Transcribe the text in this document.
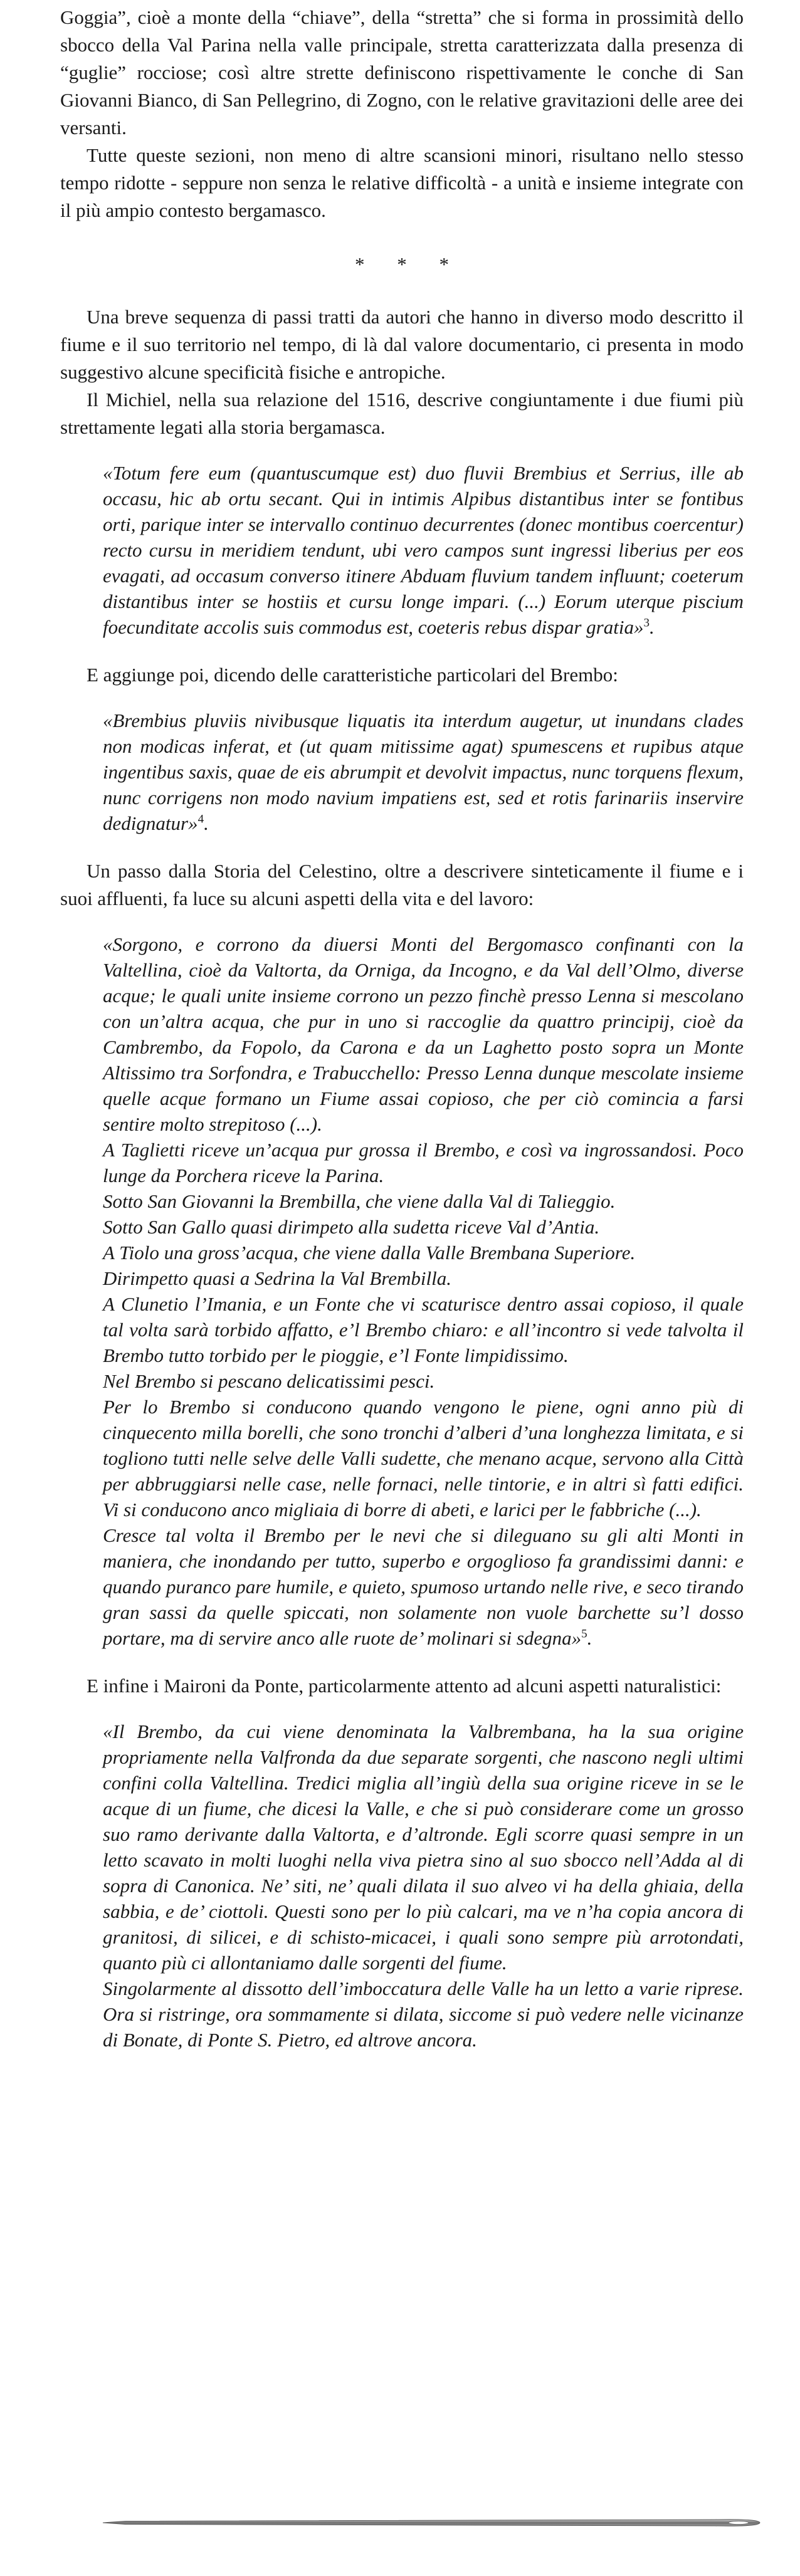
Goggia”, cioè a monte della “chiave”, della “stretta” che si forma in prossimità dello sbocco della Val Parina nella valle principale, stretta caratterizzata dalla presenza di “guglie” rocciose; così altre strette definiscono rispettivamente le conche di San Giovanni Bianco, di San Pellegrino, di Zogno, con le relative gravitazioni delle aree dei versanti.

Tutte queste sezioni, non meno di altre scansioni minori, risultano nello stesso tempo ridotte - seppure non senza le relative difficoltà - a unità e insieme integrate con il più ampio contesto bergamasco.

* * *

Una breve sequenza di passi tratti da autori che hanno in diverso modo descritto il fiume e il suo territorio nel tempo, di là dal valore documentario, ci presenta in modo suggestivo alcune specificità fisiche e antropiche.

Il Michiel, nella sua relazione del 1516, descrive congiuntamente i due fiumi più strettamente legati alla storia bergamasca.

«Totum fere eum (quantuscumque est) duo fluvii Brembius et Serrius, ille ab occasu, hic ab ortu secant. Qui in intimis Alpibus distantibus inter se fontibus orti, parique inter se intervallo continuo decurrentes (donec montibus coercentur) recto cursu in meridiem tendunt, ubi vero campos sunt ingressi liberius per eos evagati, ad occasum converso itinere Abduam fluvium tandem influunt; coeterum distantibus inter se hostiis et cursu longe impari. (...) Eorum uterque piscium foecunditate accolis suis commodus est, coeteris rebus dispar gratia»$^3$.

E aggiunge poi, dicendo delle caratteristiche particolari del Brembo:

«Brembius pluviis nivibusque liquatis ita interdum augetur, ut inundans clades non modicas inferat, et (ut quam mitissime agat) spumescens et rupibus atque ingentibus saxis, quae de eis abrumpit et devolvit impactus, nunc torquens flexum, nunc corrigens non modo navium impatiens est, sed et rotis farinariis inservire dedignatur»$^4$.

Un passo dalla Storia del Celestino, oltre a descrivere sinteticamente il fiume e i suoi affluenti, fa luce su alcuni aspetti della vita e del lavoro:

«Sorgono, e corrono da diuersi Monti del Bergomasco confinanti con la Valtellina, cioè da Valtorta, da Orniga, da Incogno, e da Val dell’Olmo, diverse acque; le quali unite insieme corrono un pezzo finchè presso Lenna si mescolano con un’altra acqua, che pur in uno si raccoglie da quattro principij, cioè da Cambrembo, da Fopolo, da Carona e da un Laghetto posto sopra un Monte Altissimo tra Sorfondra, e Trabucchello: Presso Lenna dunque mescolate insieme quelle acque formano un Fiume assai copioso, che per ciò comincia a farsi sentire molto strepitoso (...).
A Taglietti riceve un’acqua pur grossa il Brembo, e così va ingrossandosi. Poco lunge da Porchera riceve la Parina.
Sotto San Giovanni la Brembilla, che viene dalla Val di Talieggio.
Sotto San Gallo quasi dirimpeto alla sudetta riceve Val d’Antia.
A Tiolo una gross’acqua, che viene dalla Valle Brembana Superiore.
Dirimpetto quasi a Sedrina la Val Brembilla.
A Clunetio l’Imania, e un Fonte che vi scaturisce dentro assai copioso, il quale tal volta sarà torbido affatto, e’l Brembo chiaro: e all’incontro si vede talvolta il Brembo tutto torbido per le pioggie, e’l Fonte limpidissimo.
Nel Brembo si pescano delicatissimi pesci.
Per lo Brembo si conducono quando vengono le piene, ogni anno più di cinquecento milla borelli, che sono tronchi d’alberi d’una longhezza limitata, e si togliono tutti nelle selve delle Valli sudette, che menano acque, servono alla Città per abbruggiarsi nelle case, nelle fornaci, nelle tintorie, e in altri sì fatti edifici. Vi si conducono anco migliaia di borre di abeti, e larici per le fabbriche (...).
Cresce tal volta il Brembo per le nevi che si dileguano su gli alti Monti in maniera, che inondando per tutto, superbo e orgoglioso fa grandissimi danni: e quando puranco pare humile, e quieto, spumoso urtando nelle rive, e seco tirando gran sassi da quelle spiccati, non solamente non vuole barchette su’l dosso portare, ma di servire anco alle ruote de’ molinari si sdegna»$^5$.

E infine i Maironi da Ponte, particolarmente attento ad alcuni aspetti naturalistici:

«Il Brembo, da cui viene denominata la Valbrembana, ha la sua origine propriamente nella Valfronda da due separate sorgenti, che nascono negli ultimi confini colla Valtellina. Tredici miglia all’ingiù della sua origine riceve in se le acque di un fiume, che dicesi la Valle, e che si può considerare come un grosso suo ramo derivante dalla Valtorta, e d’altronde. Egli scorre quasi sempre in un letto scavato in molti luoghi nella viva pietra sino al suo sbocco nell’Adda al di sopra di Canonica. Ne’ siti, ne’ quali dilata il suo alveo vi ha della ghiaia, della sabbia, e de’ ciottoli. Questi sono per lo più calcari, ma ve n’ha copia ancora di granitosi, di silicei, e di schisto-micacei, i quali sono sempre più arrotondati, quanto più ci allontaniamo dalle sorgenti del fiume.
Singolarmente al dissotto dell’imboccatura delle Valle ha un letto a varie riprese. Ora si ristringe, ora sommamente si dilata, siccome si può vedere nelle vicinanze di Bonate, di Ponte S. Pietro, ed altrove ancora.
